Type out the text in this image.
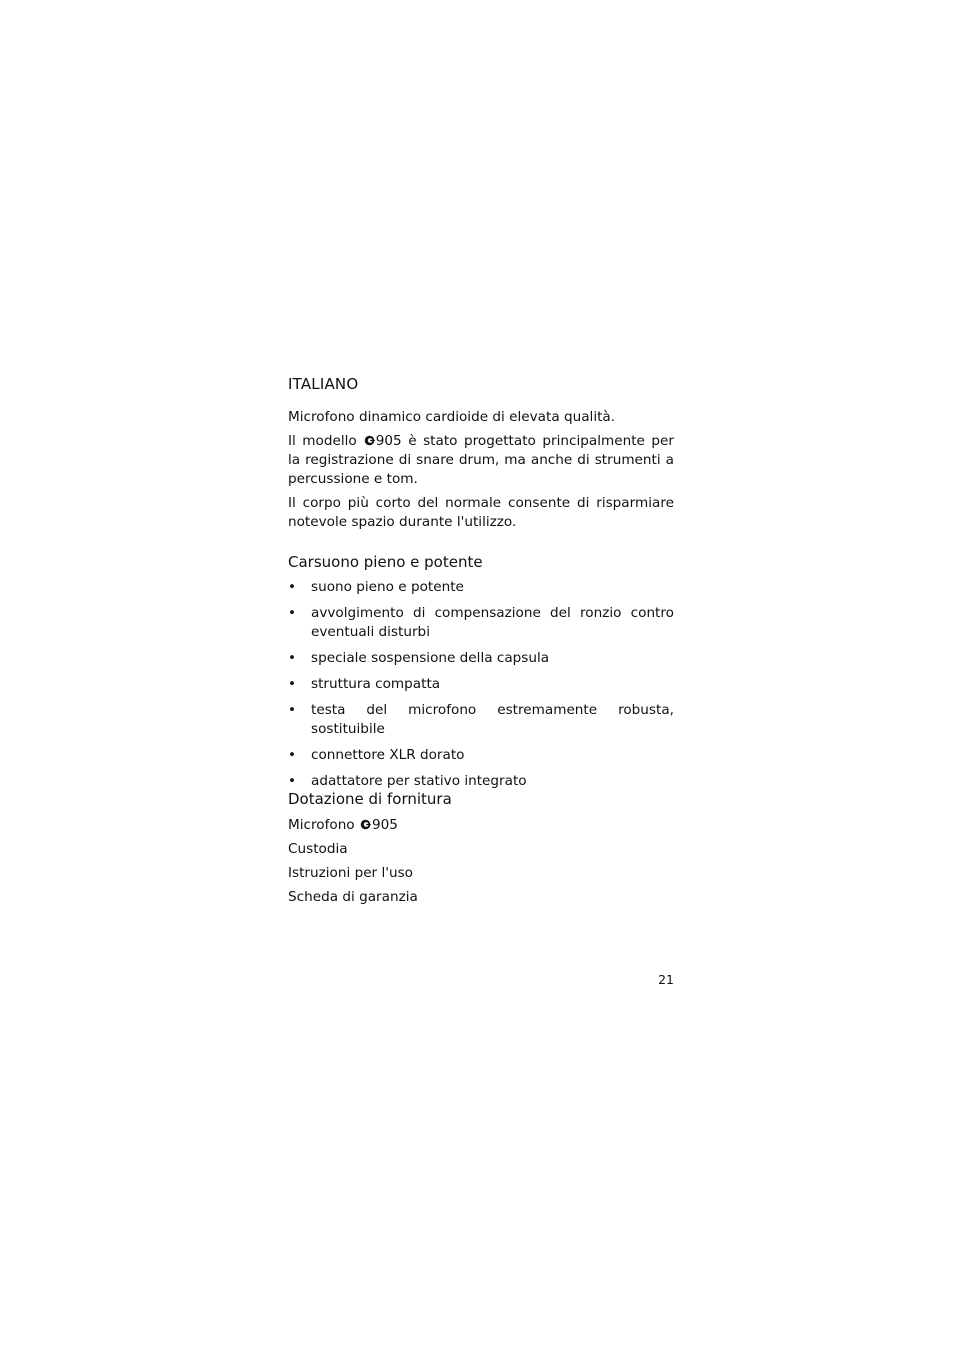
ITALIANO

Microfono dinamico cardioide di elevata qualità.

Il modello 905 è stato progettato principalmente per la registrazione di snare drum, ma anche di strumenti a percussione e tom.

Il corpo più corto del normale consente di risparmiare notevole spazio durante l'utilizzo.

Carsuono pieno e potente
• suono pieno e potente
• avvolgimento di compensazione del ronzio contro eventuali disturbi
• speciale sospensione della capsula
• struttura compatta
• testa del microfono estremamente robusta, sostituibile
• connettore XLR dorato
• adattatore per stativo integrato
Dotazione di fornitura
Microfono 905
Custodia
Istruzioni per l'uso
Scheda di garanzia
21
